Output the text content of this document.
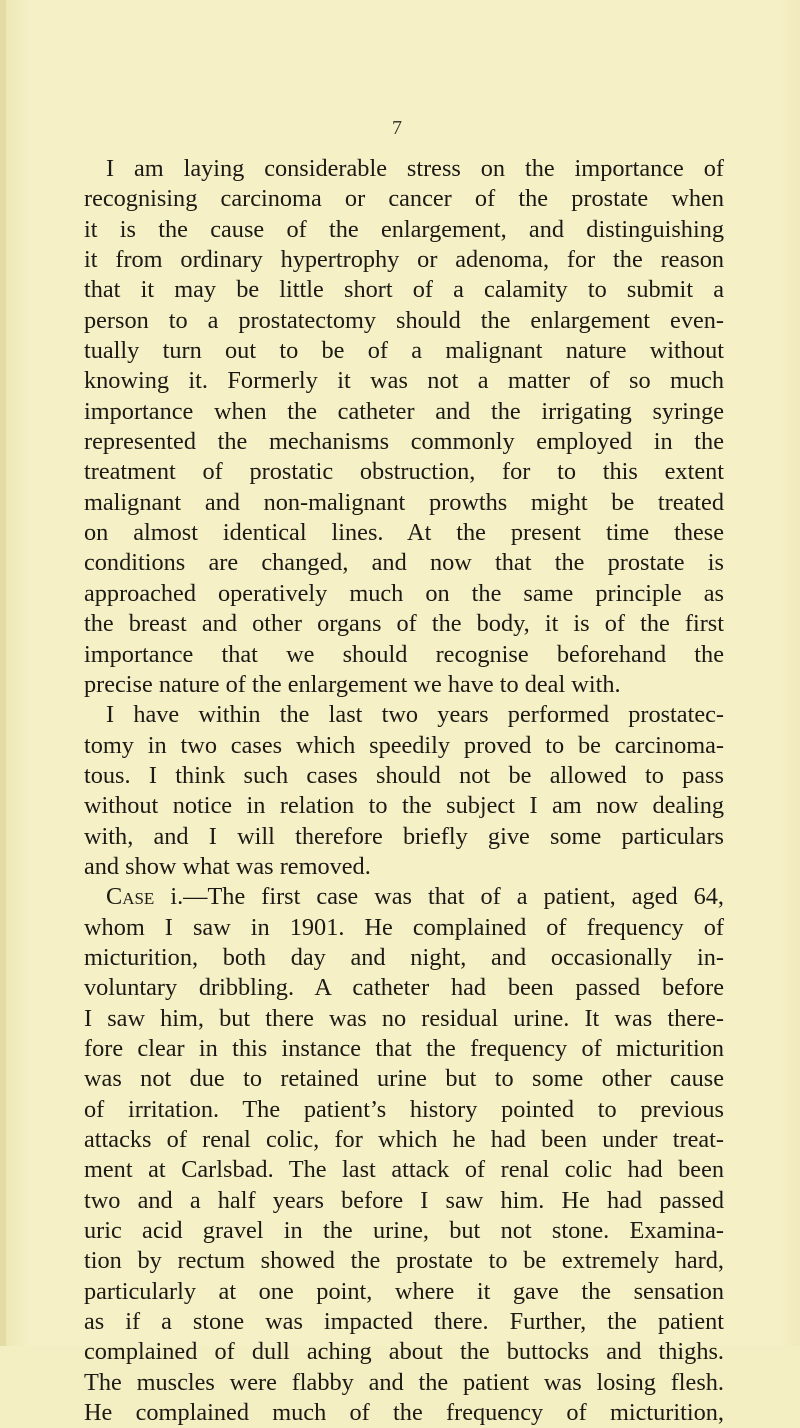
7
I am laying considerable stress on the importance of
recognising carcinoma or cancer of the prostate when
it is the cause of the enlargement, and distinguishing
it from ordinary hypertrophy or adenoma, for the reason
that it may be little short of a calamity to submit a
person to a prostatectomy should the enlargement even-
tually turn out to be of a malignant nature without
knowing it. Formerly it was not a matter of so much
importance when the catheter and the irrigating syringe
represented the mechanisms commonly employed in the
treatment of prostatic obstruction, for to this extent
malignant and non-malignant prowths might be treated
on almost identical lines. At the present time these
conditions are changed, and now that the prostate is
approached operatively much on the same principle as
the breast and other organs of the body, it is of the first
importance that we should recognise beforehand the
precise nature of the enlargement we have to deal with.
I have within the last two years performed prostatec-
tomy in two cases which speedily proved to be carcinoma-
tous. I think such cases should not be allowed to pass
without notice in relation to the subject I am now dealing
with, and I will therefore briefly give some particulars
and show what was removed.
Case i.—The first case was that of a patient, aged 64,
whom I saw in 1901. He complained of frequency of
micturition, both day and night, and occasionally in-
voluntary dribbling. A catheter had been passed before
I saw him, but there was no residual urine. It was there-
fore clear in this instance that the frequency of micturition
was not due to retained urine but to some other cause
of irritation. The patient’s history pointed to previous
attacks of renal colic, for which he had been under treat-
ment at Carlsbad. The last attack of renal colic had been
two and a half years before I saw him. He had passed
uric acid gravel in the urine, but not stone. Examina-
tion by rectum showed the prostate to be extremely hard,
particularly at one point, where it gave the sensation
as if a stone was impacted there. Further, the patient
complained of dull aching about the buttocks and thighs.
The muscles were flabby and the patient was losing flesh.
He complained much of the frequency of micturition,
